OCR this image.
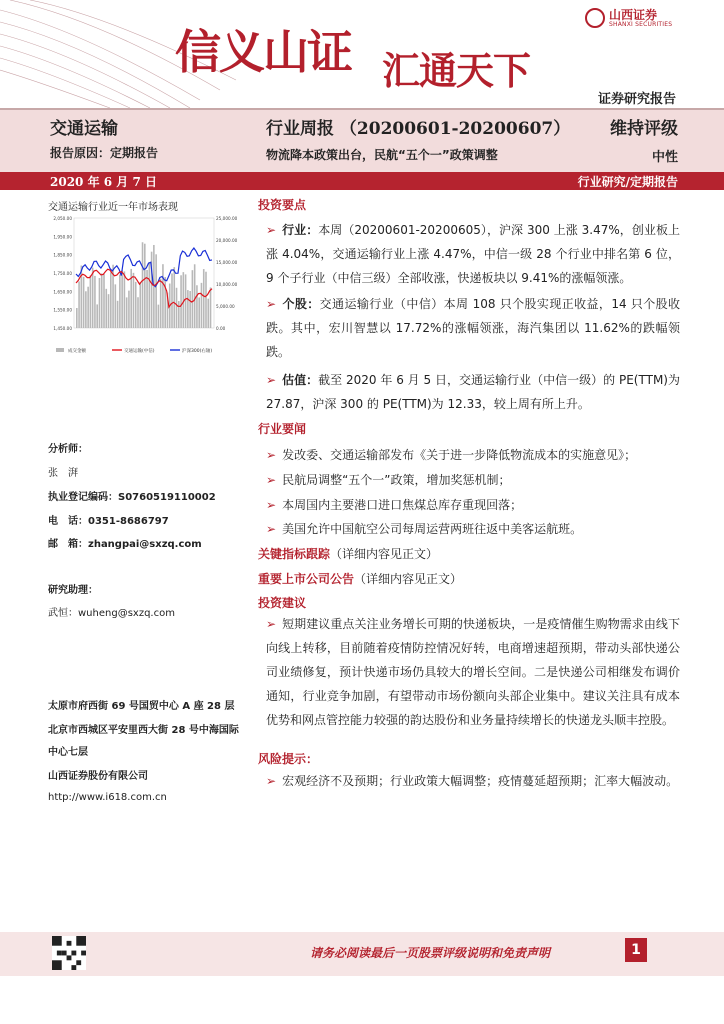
信义山证 汇通天下
山西证券
SHANXI SECURITIES
证券研究报告
交通运输	行业周报 （20200601-20200607） 维持评级
报告原因：定期报告	物流降本政策出台，民航“五个一”政策调整	中性
2020 年 6 月 7 日	行业研究/定期报告
交通运输行业近一年市场表现
2,050.00
1,950.00
1,850.00
1,750.00
1,650.00
1,550.00
1,450.00
25,000.00
20,000.00
15,000.00
10,000.00
5,000.00
0.00
成交金额	交通运输(中信)	沪深300(右轴)
分析师：
张　湃
执业登记编码：S0760519110002
电　话：0351-8686797
邮　箱：zhangpai@sxzq.com
研究助理：
武恒：wuheng@sxzq.com
太原市府西街 69 号国贸中心 A 座 28 层
北京市西城区平安里西大街 28 号中海国际中心七层
山西证券股份有限公司
http://www.i618.com.cn
投资要点
➢ 行业：本周（20200601-20200605），沪深 300 上涨 3.47%，创业板上涨 4.04%，交通运输行业上涨 4.47%，中信一级 28 个行业中排名第 6 位，9 个子行业（中信三级）全部收涨，快递板块以 9.41%的涨幅领涨。
➢ 个股：交通运输行业（中信）本周 108 只个股实现正收益，14 只个股收跌。其中，宏川智慧以 17.72%的涨幅领涨，海汽集团以 11.62%的跌幅领跌。
➢ 估值：截至 2020 年 6 月 5 日，交通运输行业（中信一级）的 PE(TTM)为 27.87，沪深 300 的 PE(TTM)为 12.33，较上周有所上升。
行业要闻
➢ 发改委、交通运输部发布《关于进一步降低物流成本的实施意见》；
➢ 民航局调整“五个一”政策，增加奖惩机制；
➢ 本周国内主要港口进口焦煤总库存重现回落；
➢ 美国允许中国航空公司每周运营两班往返中美客运航班。
关键指标跟踪（详细内容见正文）
重要上市公司公告（详细内容见正文）
投资建议
➢ 短期建议重点关注业务增长可期的快递板块，一是疫情催生购物需求由线下向线上转移，目前随着疫情防控情况好转，电商增速超预期，带动头部快递公司业绩修复，预计快递市场仍具较大的增长空间。二是快递公司相继发布调价通知，行业竞争加剧，有望带动市场份额向头部企业集中。建议关注具有成本优势和网点管控能力较强的韵达股份和业务量持续增长的快递龙头顺丰控股。
风险提示：
➢ 宏观经济不及预期；行业政策大幅调整；疫情蔓延超预期；汇率大幅波动。
请务必阅读最后一页股票评级说明和免责声明	1
